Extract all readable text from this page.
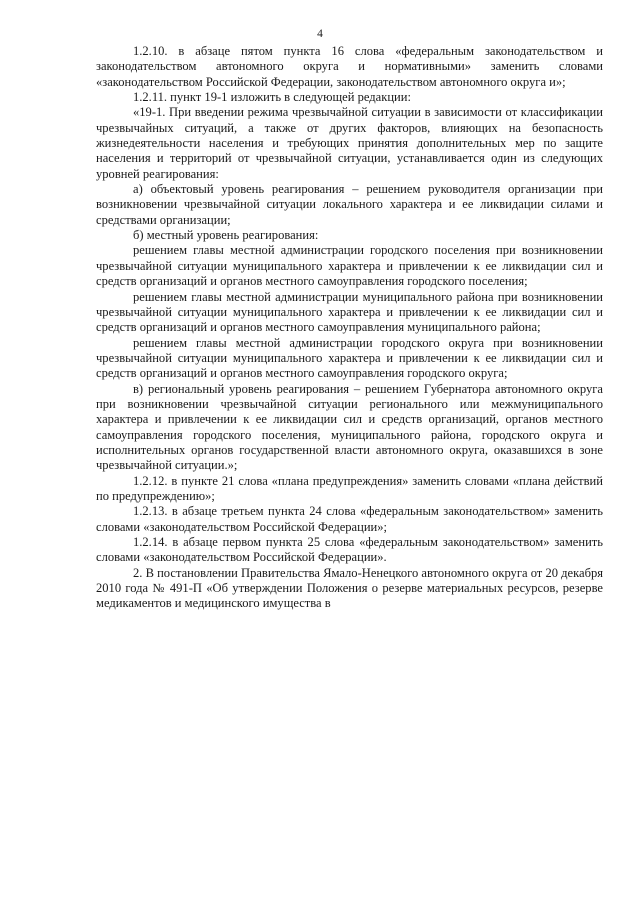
4

1.2.10. в абзаце пятом пункта 16 слова «федеральным законодательством и законодательством автономного округа и нормативными» заменить словами «законодательством Российской Федерации, законодательством автономного округа и»;

1.2.11. пункт 19-1 изложить в следующей редакции:

«19-1. При введении режима чрезвычайной ситуации в зависимости от классификации чрезвычайных ситуаций, а также от других факторов, влияющих на безопасность жизнедеятельности населения и требующих принятия дополнительных мер по защите населения и территорий от чрезвычайной ситуации, устанавливается один из следующих уровней реагирования:

а) объектовый уровень реагирования – решением руководителя организации при возникновении чрезвычайной ситуации локального характера и ее ликвидации силами и средствами организации;

б) местный уровень реагирования:

решением главы местной администрации городского поселения при возникновении чрезвычайной ситуации муниципального характера и привлечении к ее ликвидации сил и средств организаций и органов местного самоуправления городского поселения;

решением главы местной администрации муниципального района при возникновении чрезвычайной ситуации муниципального характера и привлечении к ее ликвидации сил и средств организаций и органов местного самоуправления муниципального района;

решением главы местной администрации городского округа при возникновении чрезвычайной ситуации муниципального характера и привлечении к ее ликвидации сил и средств организаций и органов местного самоуправления городского округа;

в) региональный уровень реагирования – решением Губернатора автономного округа при возникновении чрезвычайной ситуации регионального или межмуниципального характера и привлечении к ее ликвидации сил и средств организаций, органов местного самоуправления городского поселения, муниципального района, городского округа и исполнительных органов государственной власти автономного округа, оказавшихся в зоне чрезвычайной ситуации.»;

1.2.12. в пункте 21 слова «плана предупреждения» заменить словами «плана действий по предупреждению»;

1.2.13. в абзаце третьем пункта 24 слова «федеральным законодательством» заменить словами «законодательством Российской Федерации»;

1.2.14. в абзаце первом пункта 25 слова «федеральным законодательством» заменить словами «законодательством Российской Федерации».

2. В постановлении Правительства Ямало-Ненецкого автономного округа от 20 декабря 2010 года № 491-П «Об утверждении Положения о резерве материальных ресурсов, резерве медикаментов и медицинского имущества в
